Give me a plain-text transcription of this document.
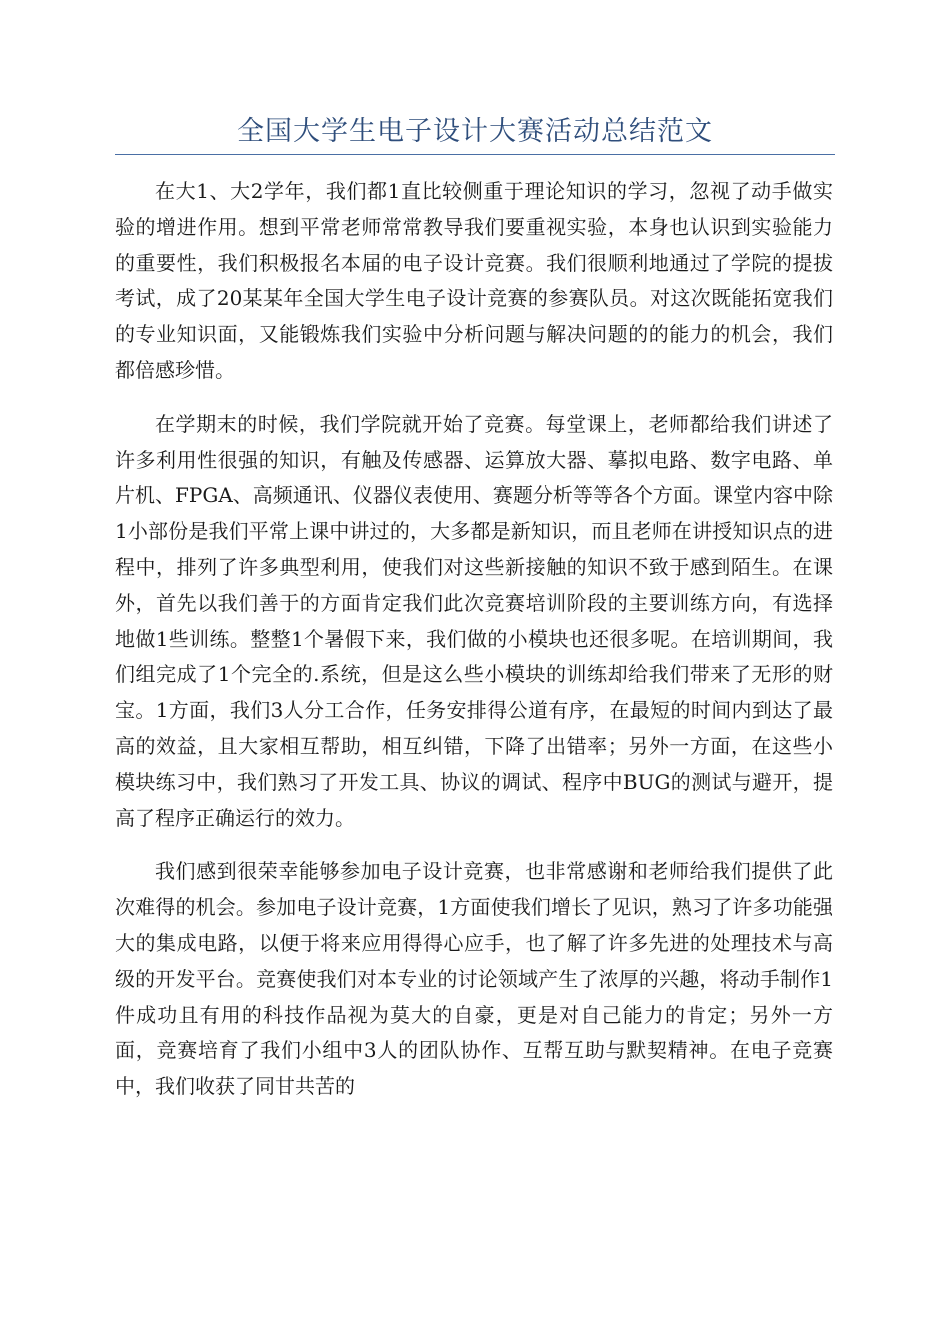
全国大学生电子设计大赛活动总结范文

在大1、大2学年，我们都1直比较侧重于理论知识的学习，忽视了动手做实验的增进作用。想到平常老师常常教导我们要重视实验，本身也认识到实验能力的重要性，我们积极报名本届的电子设计竞赛。我们很顺利地通过了学院的提拔考试，成了20某某年全国大学生电子设计竞赛的参赛队员。对这次既能拓宽我们的专业知识面，又能锻炼我们实验中分析问题与解决问题的的能力的机会，我们都倍感珍惜。

在学期末的时候，我们学院就开始了竞赛。每堂课上，老师都给我们讲述了许多利用性很强的知识，有触及传感器、运算放大器、摹拟电路、数字电路、单片机、FPGA、高频通讯、仪器仪表使用、赛题分析等等各个方面。课堂内容中除1小部份是我们平常上课中讲过的，大多都是新知识，而且老师在讲授知识点的进程中，排列了许多典型利用，使我们对这些新接触的知识不致于感到陌生。在课外，首先以我们善于的方面肯定我们此次竞赛培训阶段的主要训练方向，有选择地做1些训练。整整1个暑假下来，我们做的小模块也还很多呢。在培训期间，我们组完成了1个完全的.系统，但是这么些小模块的训练却给我们带来了无形的财宝。1方面，我们3人分工合作，任务安排得公道有序，在最短的时间内到达了最高的效益，且大家相互帮助，相互纠错，下降了出错率；另外一方面，在这些小模块练习中，我们熟习了开发工具、协议的调试、程序中BUG的测试与避开，提高了程序正确运行的效力。

我们感到很荣幸能够参加电子设计竞赛，也非常感谢和老师给我们提供了此次难得的机会。参加电子设计竞赛，1方面使我们增长了见识，熟习了许多功能强大的集成电路，以便于将来应用得得心应手，也了解了许多先进的处理技术与高级的开发平台。竞赛使我们对本专业的讨论领域产生了浓厚的兴趣，将动手制作1件成功且有用的科技作品视为莫大的自豪，更是对自己能力的肯定；另外一方面，竞赛培育了我们小组中3人的团队协作、互帮互助与默契精神。在电子竞赛中，我们收获了同甘共苦的
